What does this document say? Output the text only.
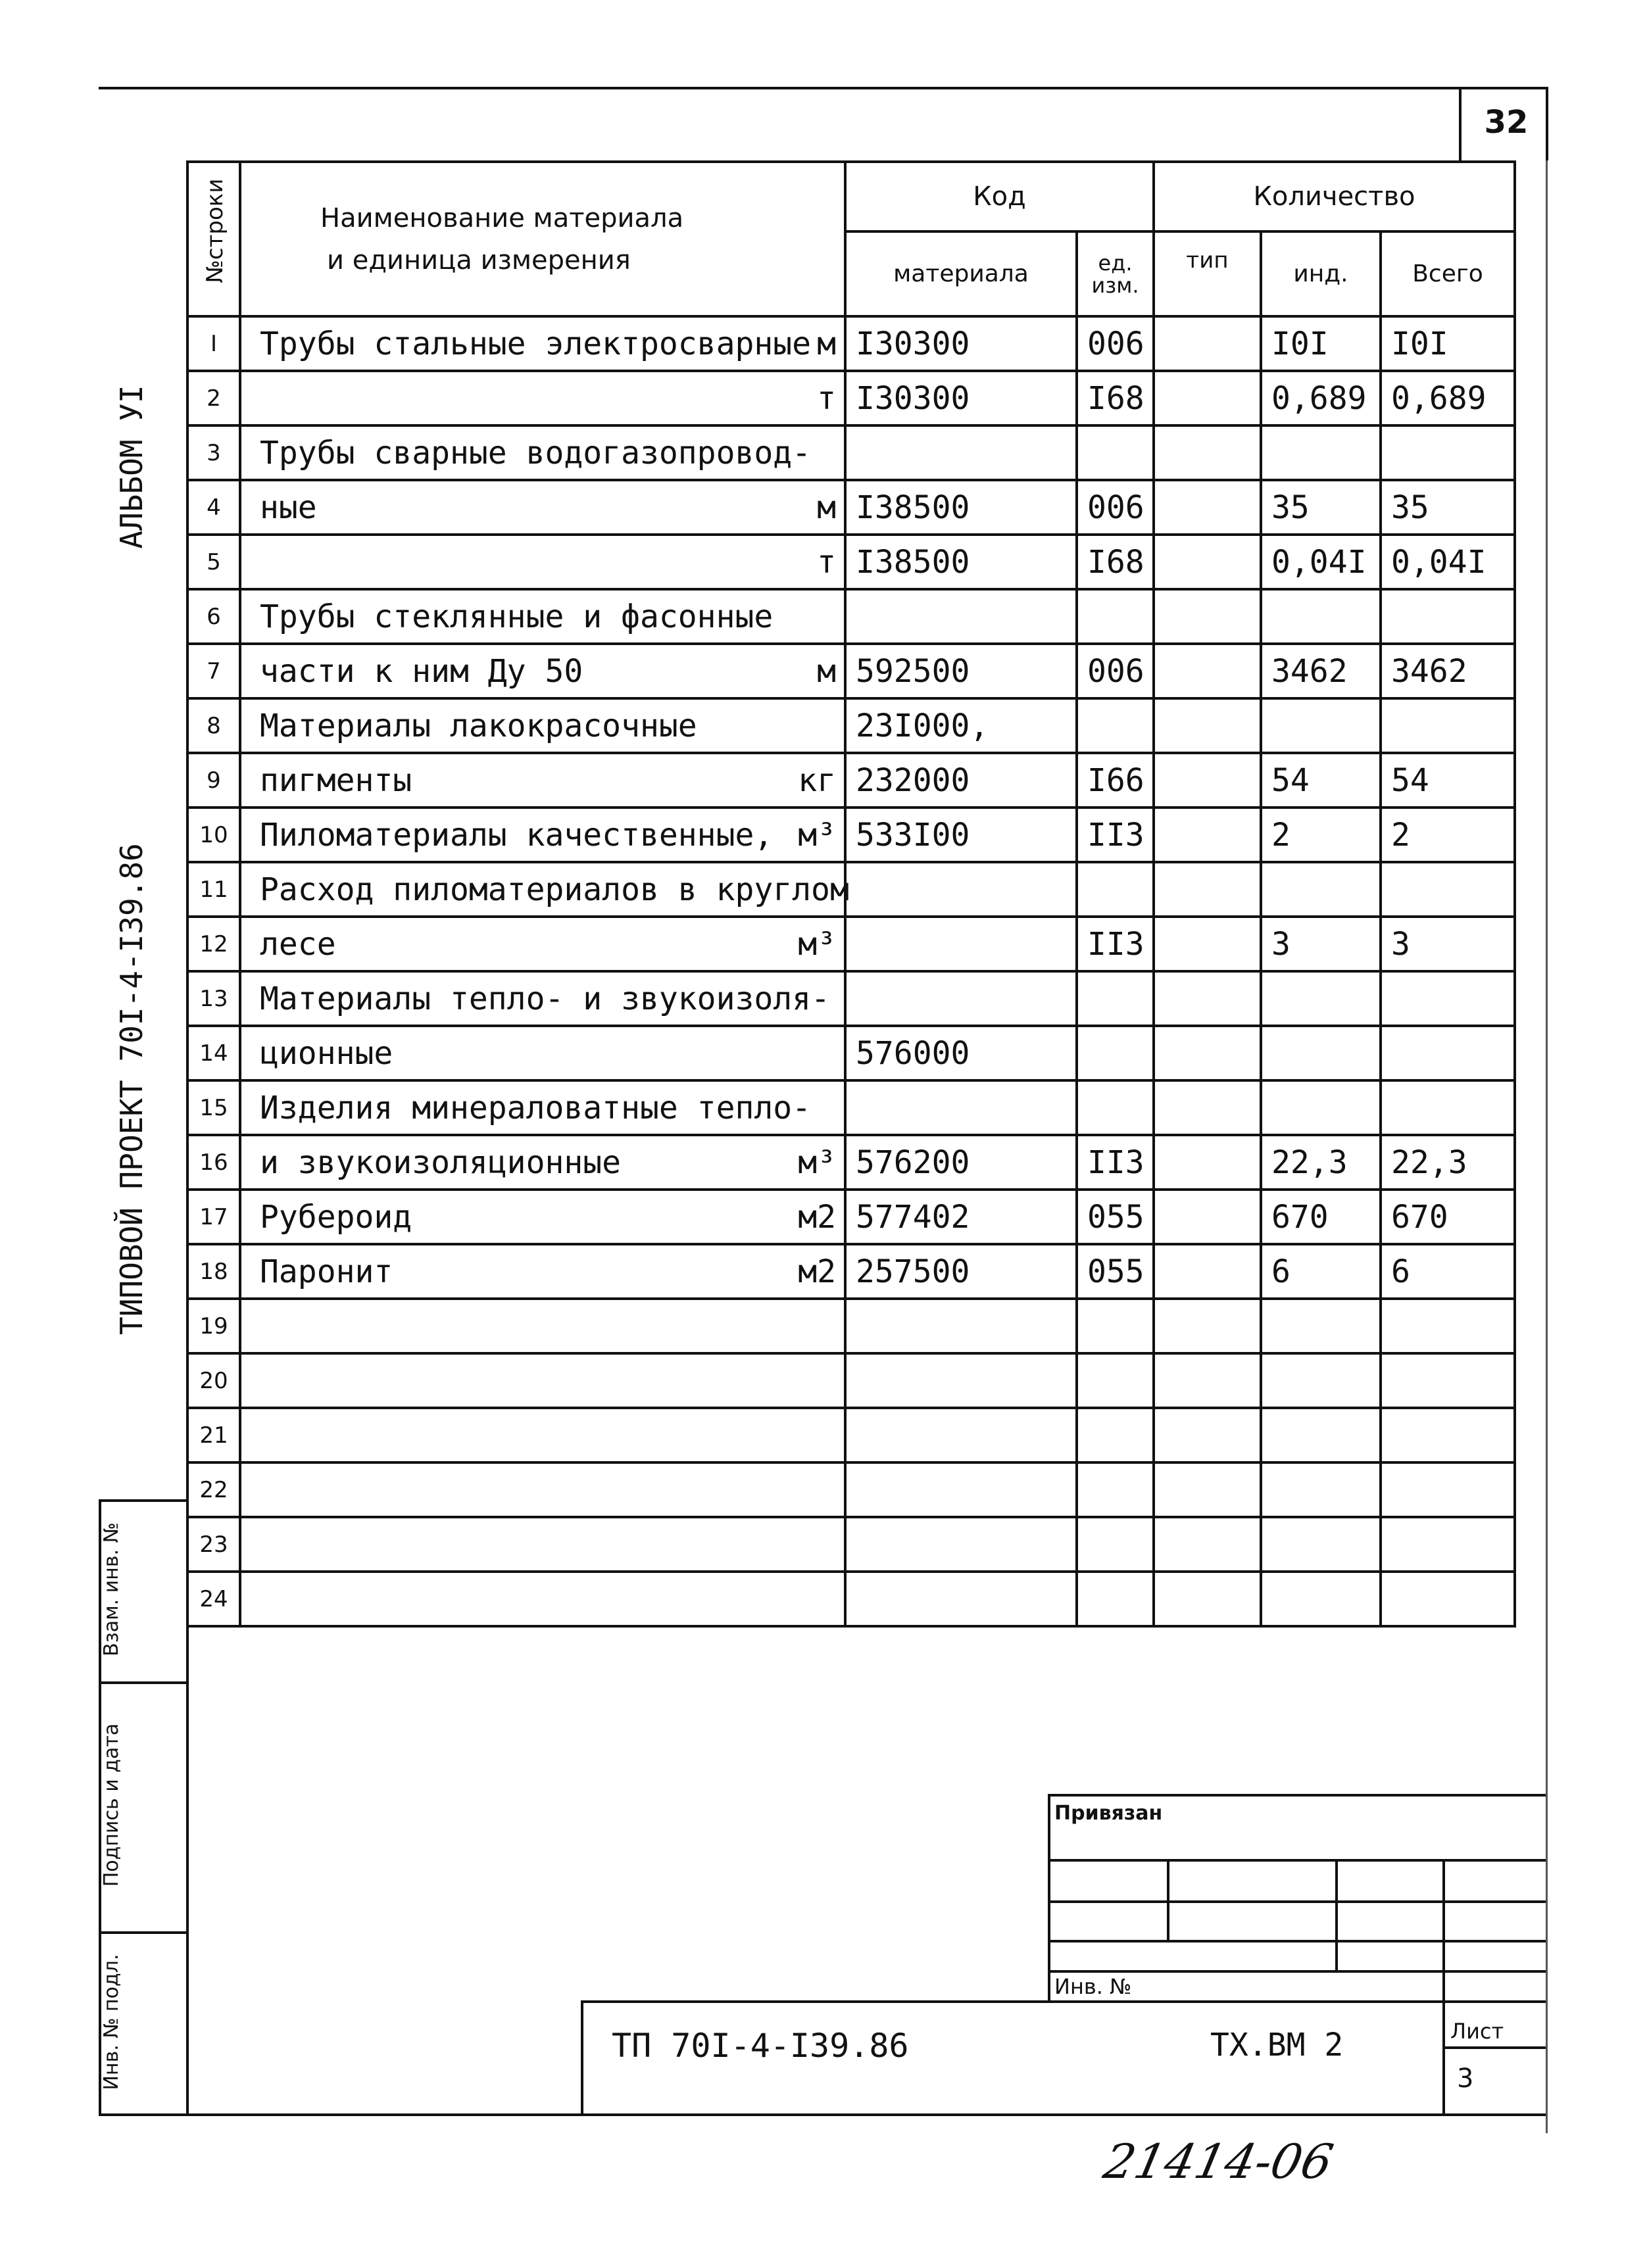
32
АЛЬБОМ УI
ТИПОВОЙ ПРОЕКТ 70I-4-I39.86
Взам. инв. №
Подпись и дата
Инв. № подл.
№строки	Наименование материала
и единица измерения	Код		Количество		
		материала	ед. изм.	тип	инд.	Всего
I	Трубы стальные электросварные м	I30300	006		I0I	I0I
2	т	I30300	I68		0,689	0,689
3	Трубы сварные водогазопровод-

4	ные м	I38500	006		35	35
5	т	I38500	I68		0,04I	0,04I
6	Трубы стеклянные и фасонные

7	части к ним Ду 50 м	592500	006		3462	3462
8	Материалы лакокрасочные	23I000,				
9	пигменты кг	232000	I66		54	54
10	Пиломатериалы качественные, м³	533I00	II3		2	2
11	Расход пиломатериалов в круглом

12	лесе м³		II3		3	3
13	Материалы тепло- и звукоизоля-

14	ционные	576000				
15	Изделия минераловатные тепло-

16	и звукоизоляционные м³	576200	II3		22,3	22,3
17	Рубероид м2	577402	055		670	670
18	Паронит м2	257500	055		6	6
19	

20	

21	

22	

23	

24	

Привязан
Инв. №
ТП 70I-4-I39.86	ТХ.ВМ 2	Лист
3
21414-06
